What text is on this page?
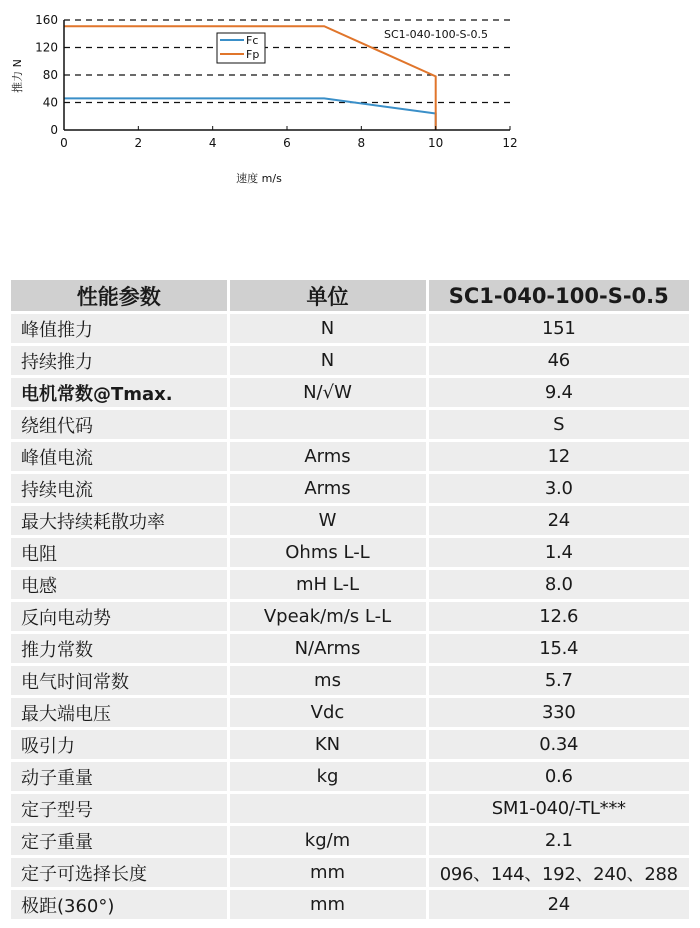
0	2	4	6	8	10	12
0
40
80
120
160
SC1-040-100-S-0.5
Fc
Fp
推力 N
速度 m/s
性能参数	单位	SC1-040-100-S-0.5
峰值推力	N	151
持续推力	N	46
电机常数@Tmax.	N/√W	9.4
绕组代码		S
峰值电流	Arms	12
持续电流	Arms	3.0
最大持续耗散功率	W	24
电阻	Ohms L-L	1.4
电感	mH L-L	8.0
反向电动势	Vpeak/m/s L-L	12.6
推力常数	N/Arms	15.4
电气时间常数	ms	5.7
最大端电压	Vdc	330
吸引力	KN	0.34
动子重量	kg	0.6
定子型号		SM1-040/-TL***
定子重量	kg/m	2.1
定子可选择长度	mm	096、144、192、240、288
极距(360°)	mm	24
